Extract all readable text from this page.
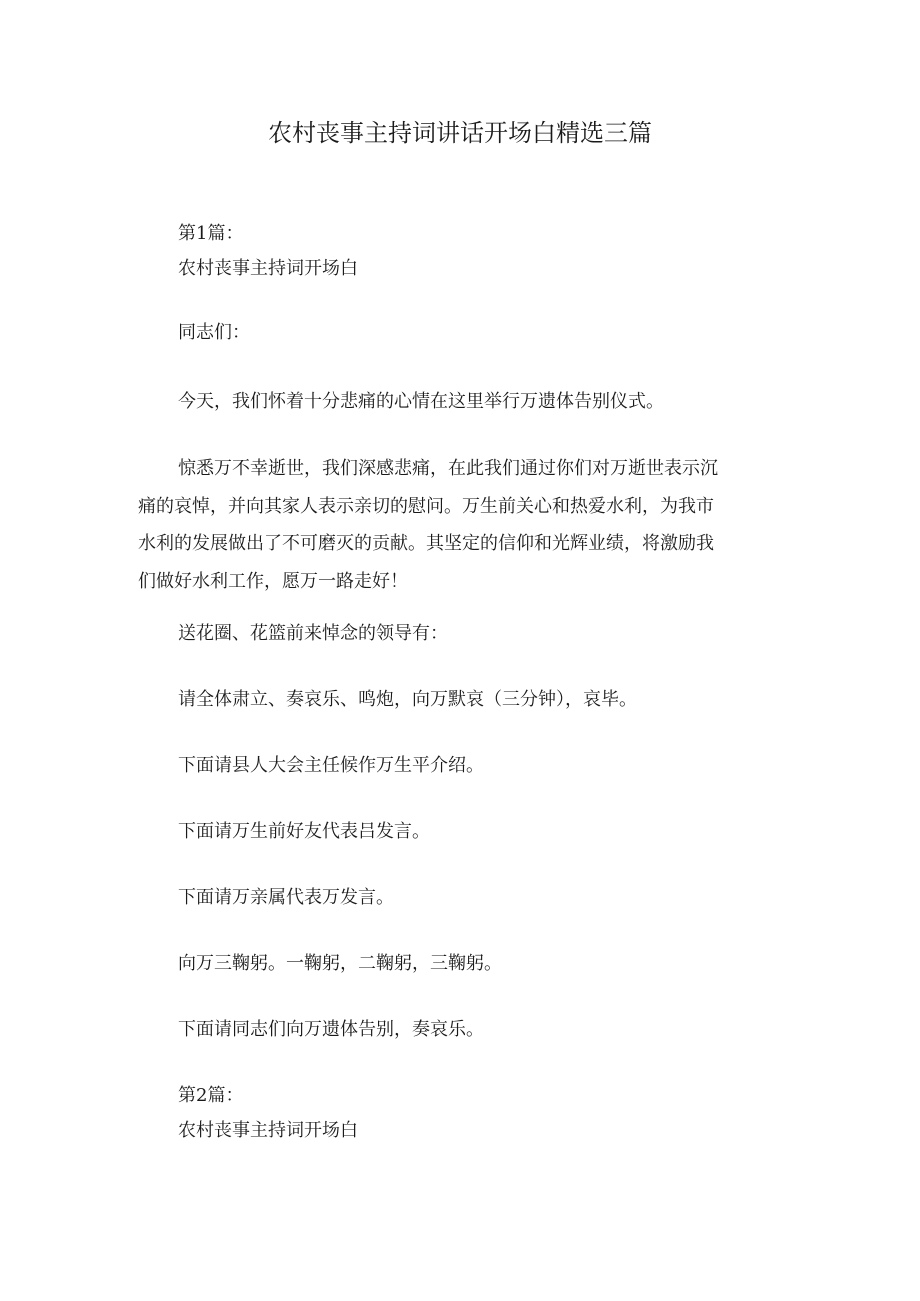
农村丧事主持词讲话开场白精选三篇
第1篇：
农村丧事主持词开场白
同志们：
今天，我们怀着十分悲痛的心情在这里举行万遗体告别仪式。
惊悉万不幸逝世，我们深感悲痛，在此我们通过你们对万逝世表示沉
痛的哀悼，并向其家人表示亲切的慰问。万生前关心和热爱水利，为我市
水利的发展做出了不可磨灭的贡献。其坚定的信仰和光辉业绩，将激励我
们做好水利工作，愿万一路走好！
送花圈、花篮前来悼念的领导有：
请全体肃立、奏哀乐、鸣炮，向万默哀（三分钟），哀毕。
下面请县人大会主任候作万生平介绍。
下面请万生前好友代表吕发言。
下面请万亲属代表万发言。
向万三鞠躬。一鞠躬，二鞠躬，三鞠躬。
下面请同志们向万遗体告别，奏哀乐。
第2篇：
农村丧事主持词开场白
